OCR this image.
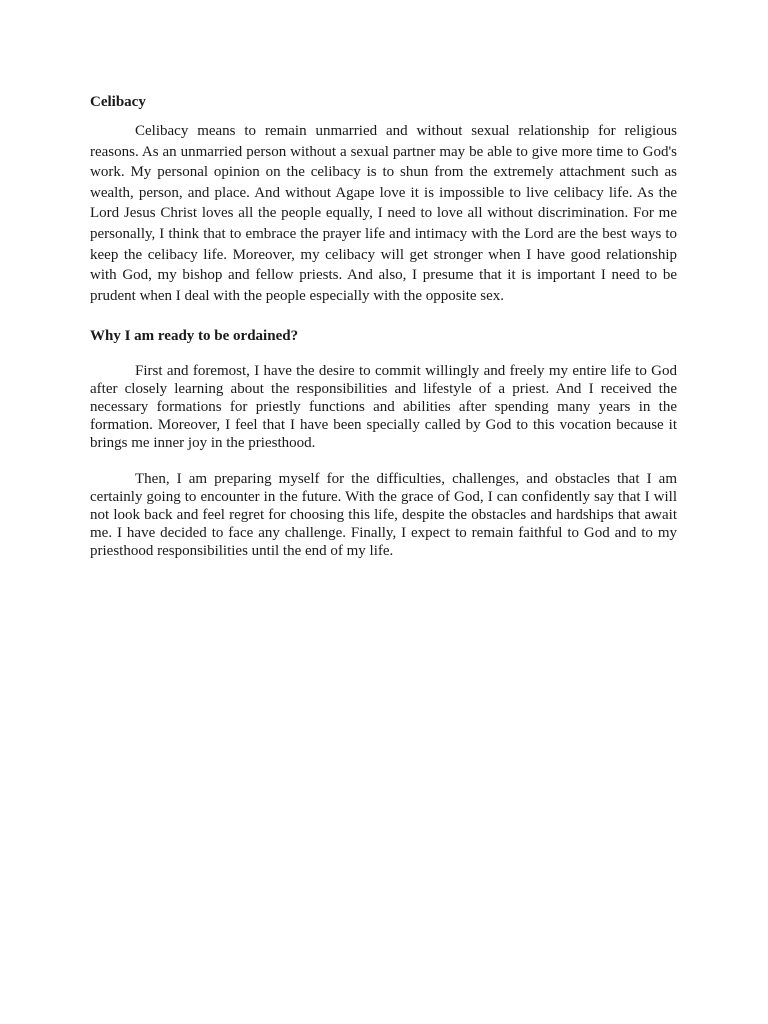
Celibacy

Celibacy means to remain unmarried and without sexual relationship for religious reasons. As an unmarried person without a sexual partner may be able to give more time to God's work. My personal opinion on the celibacy is to shun from the extremely attachment such as wealth, person, and place. And without Agape love it is impossible to live celibacy life. As the Lord Jesus Christ loves all the people equally, I need to love all without discrimination. For me personally, I think that to embrace the prayer life and intimacy with the Lord are the best ways to keep the celibacy life. Moreover, my celibacy will get stronger when I have good relationship with God, my bishop and fellow priests. And also, I presume that it is important I need to be prudent when I deal with the people especially with the opposite sex.

Why I am ready to be ordained?

First and foremost, I have the desire to commit willingly and freely my entire life to God after closely learning about the responsibilities and lifestyle of a priest. And I received the necessary formations for priestly functions and abilities after spending many years in the formation. Moreover, I feel that I have been specially called by God to this vocation because it brings me inner joy in the priesthood.

Then, I am preparing myself for the difficulties, challenges, and obstacles that I am certainly going to encounter in the future. With the grace of God, I can confidently say that I will not look back and feel regret for choosing this life, despite the obstacles and hardships that await me. I have decided to face any challenge. Finally, I expect to remain faithful to God and to my priesthood responsibilities until the end of my life.
